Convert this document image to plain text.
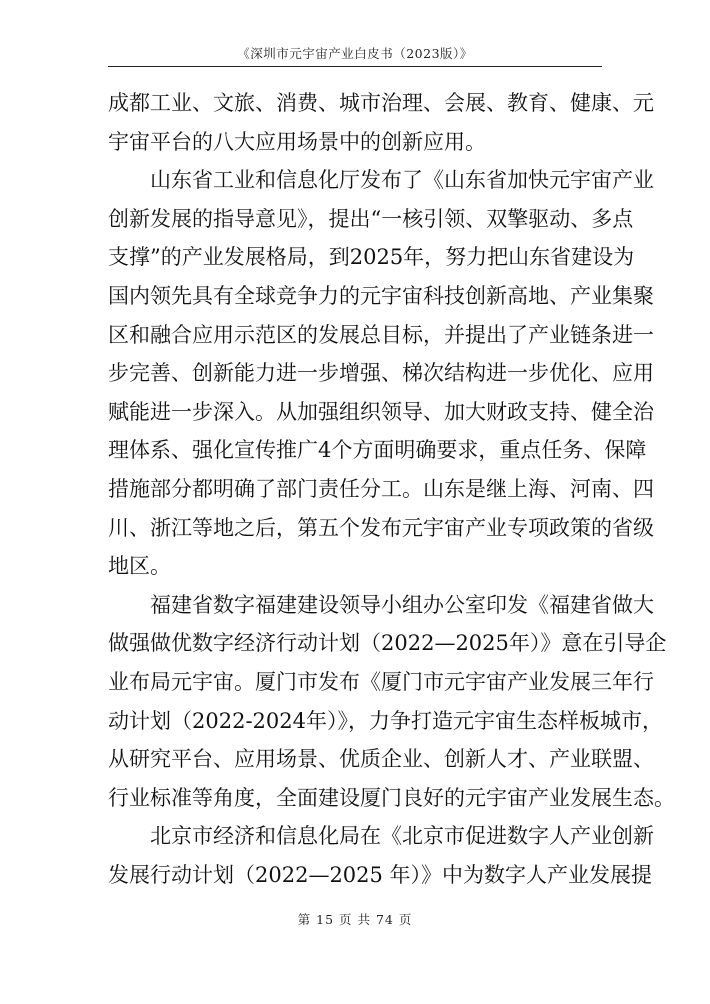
《深圳市元宇宙产业白皮书（2023版）》
成都工业、文旅、消费、城市治理、会展、教育、健康、元
宇宙平台的八大应用场景中的创新应用。
山东省工业和信息化厅发布了《山东省加快元宇宙产业
创新发展的指导意见》，提出“一核引领、双擎驱动、多点
支撑”的产业发展格局，到2025年，努力把山东省建设为
国内领先具有全球竞争力的元宇宙科技创新高地、产业集聚
区和融合应用示范区的发展总目标，并提出了产业链条进一
步完善、创新能力进一步增强、梯次结构进一步优化、应用
赋能进一步深入。从加强组织领导、加大财政支持、健全治
理体系、强化宣传推广4个方面明确要求，重点任务、保障
措施部分都明确了部门责任分工。山东是继上海、河南、四
川、浙江等地之后，第五个发布元宇宙产业专项政策的省级
地区。
福建省数字福建建设领导小组办公室印发《福建省做大
做强做优数字经济行动计划（2022—2025年）》意在引导企
业布局元宇宙。厦门市发布《厦门市元宇宙产业发展三年行
动计划（2022-2024年）》，力争打造元宇宙生态样板城市，
从研究平台、应用场景、优质企业、创新人才、产业联盟、
行业标准等角度，全面建设厦门良好的元宇宙产业发展生态。
北京市经济和信息化局在《北京市促进数字人产业创新
发展行动计划（2022—2025 年）》中为数字人产业发展提
第 15 页 共 74 页
